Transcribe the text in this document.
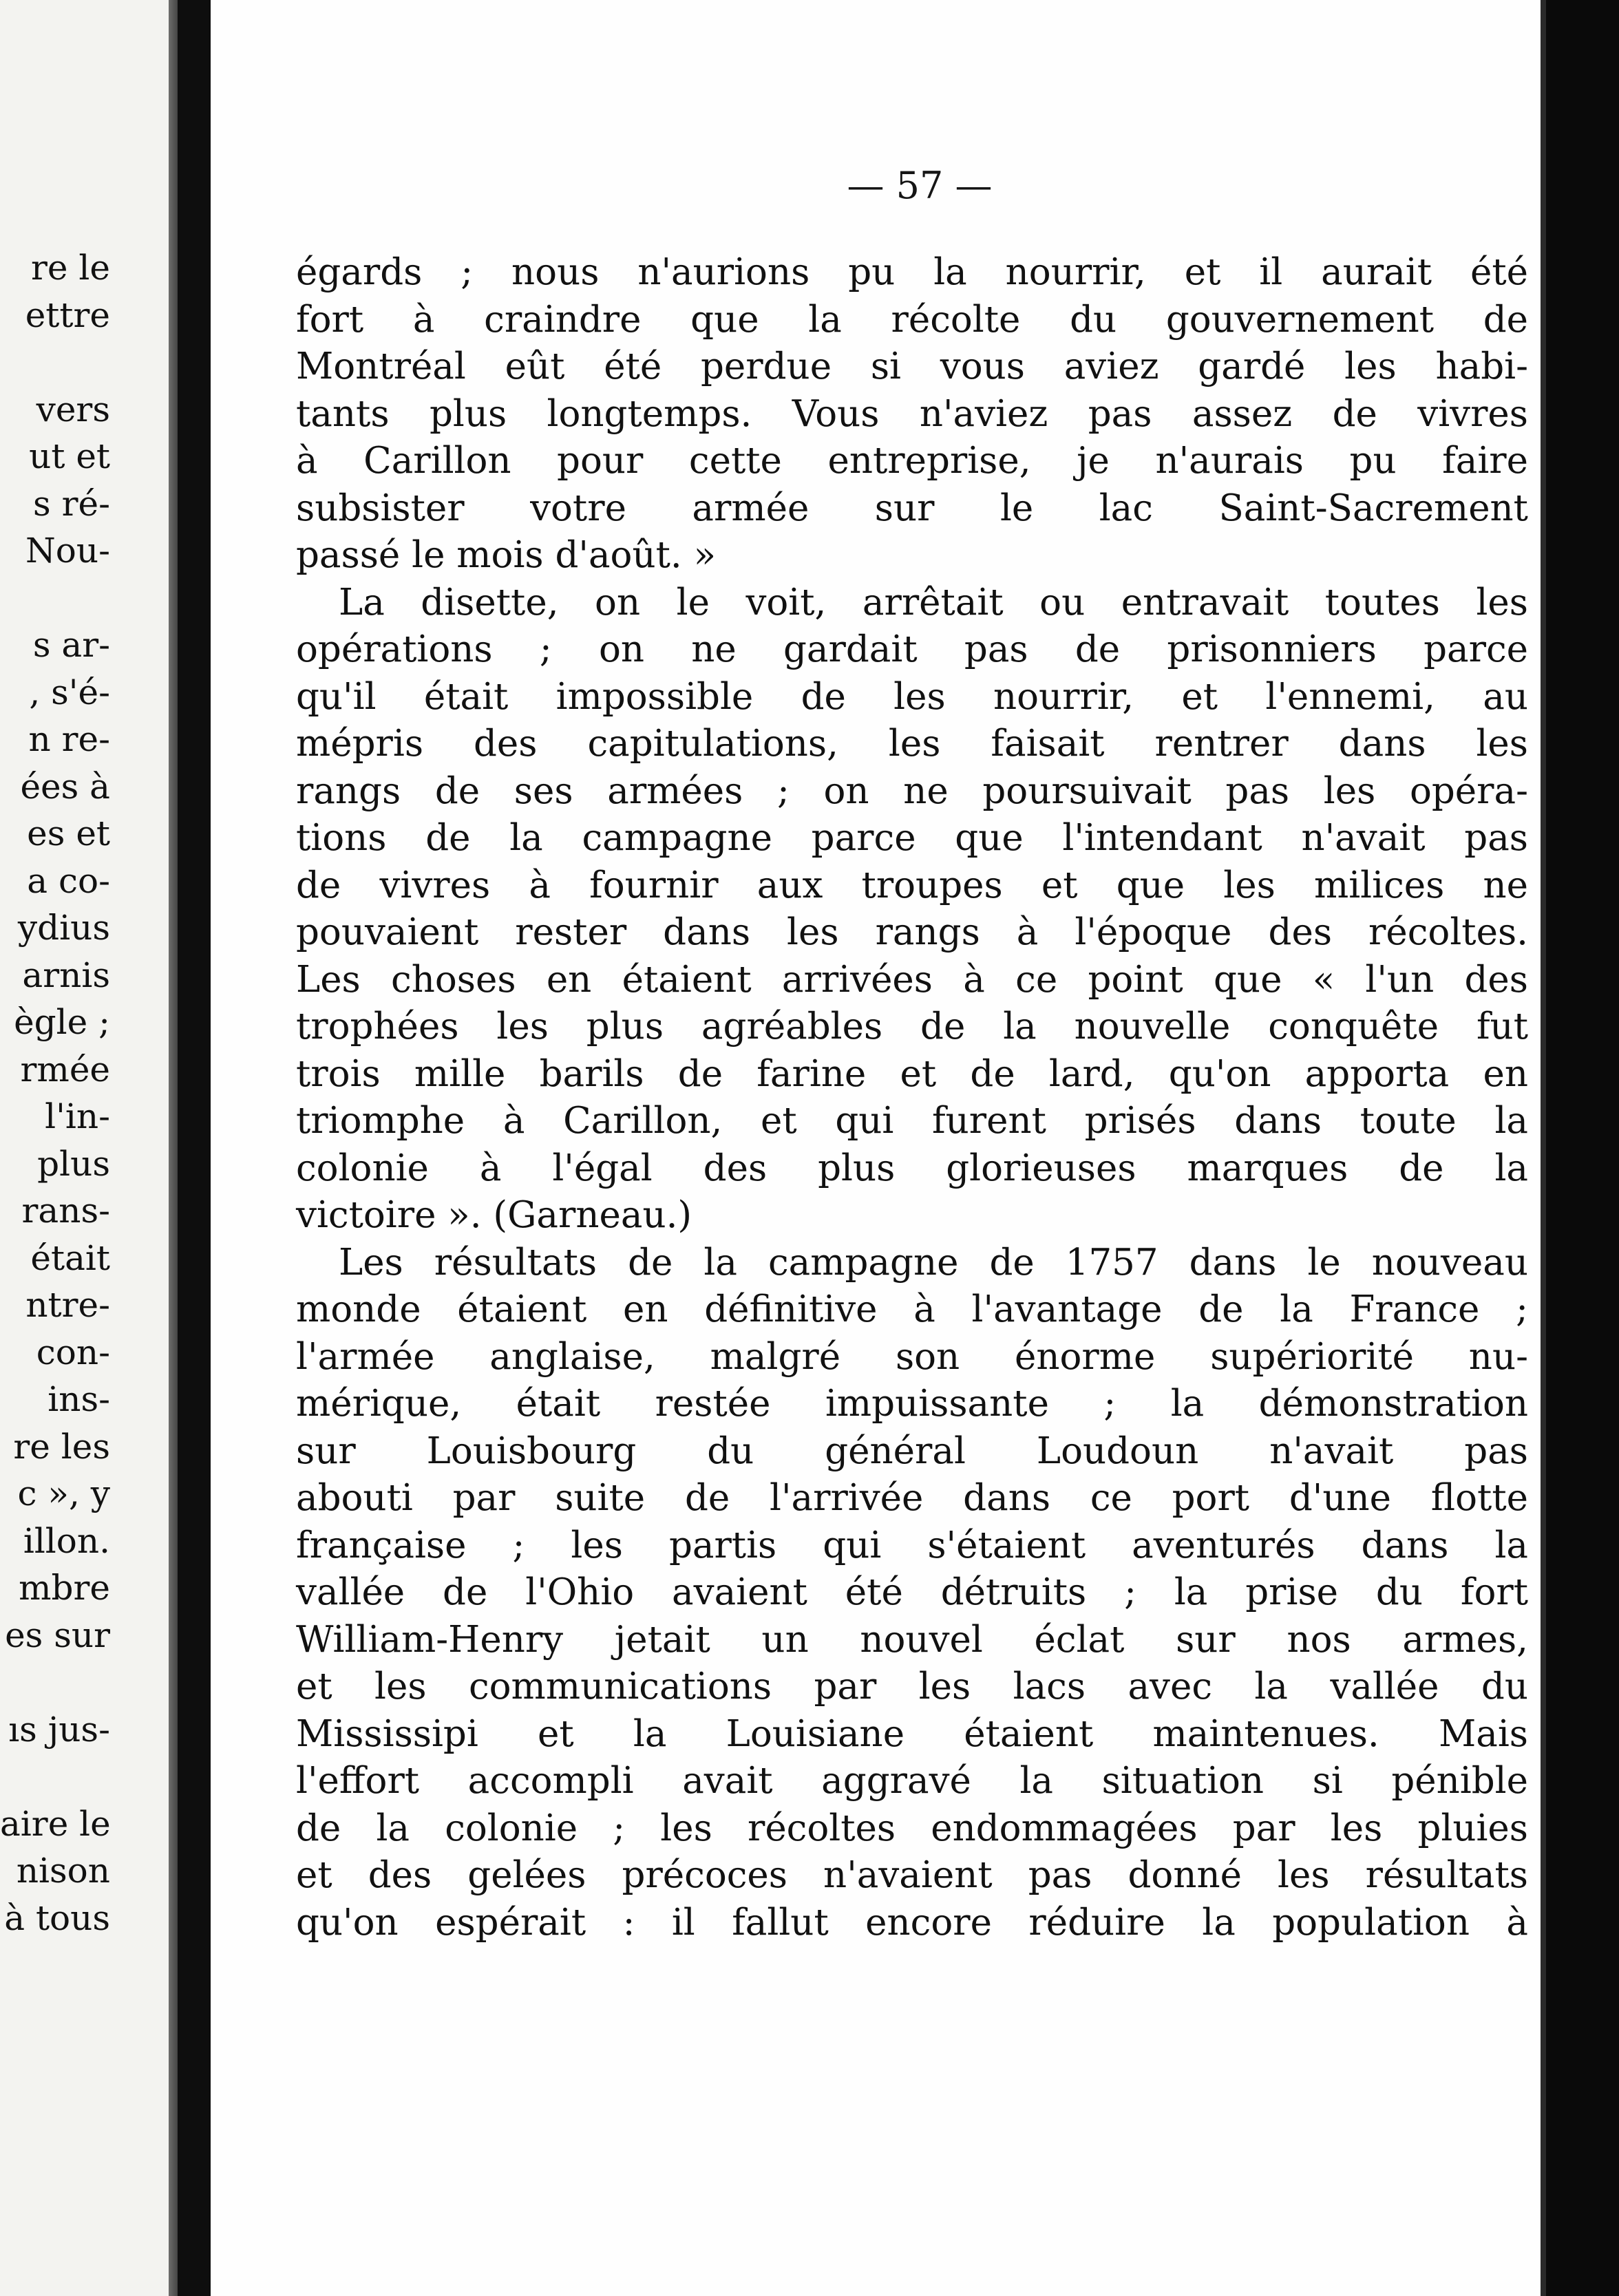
re le
ettre
vers
ut et
s ré-
Nou-
s ar-
, s'é-
n re-
ées à
es et
a co-
ydius
arnis
ègle ;
rmée
l'in-
plus
rans-
était
ntre-
con-
ins-
re les
c », y
illon.
mbre
es sur
ıs jus-
aire le
nison
à tous
— 57 —
égards ; nous n'aurions pu la nourrir, et il aurait été
fort à craindre que la récolte du gouvernement de
Montréal eût été perdue si vous aviez gardé les habi-
tants plus longtemps. Vous n'aviez pas assez de vivres
à Carillon pour cette entreprise, je n'aurais pu faire
subsister votre armée sur le lac Saint-Sacrement
passé le mois d'août. »
La disette, on le voit, arrêtait ou entravait toutes les
opérations ; on ne gardait pas de prisonniers parce
qu'il était impossible de les nourrir, et l'ennemi, au
mépris des capitulations, les faisait rentrer dans les
rangs de ses armées ; on ne poursuivait pas les opéra-
tions de la campagne parce que l'intendant n'avait pas
de vivres à fournir aux troupes et que les milices ne
pouvaient rester dans les rangs à l'époque des récoltes.
Les choses en étaient arrivées à ce point que « l'un des
trophées les plus agréables de la nouvelle conquête fut
trois mille barils de farine et de lard, qu'on apporta en
triomphe à Carillon, et qui furent prisés dans toute la
colonie à l'égal des plus glorieuses marques de la
victoire ». (Garneau.)
Les résultats de la campagne de 1757 dans le nouveau
monde étaient en définitive à l'avantage de la France ;
l'armée anglaise, malgré son énorme supériorité nu-
mérique, était restée impuissante ; la démonstration
sur Louisbourg du général Loudoun n'avait pas
abouti par suite de l'arrivée dans ce port d'une flotte
française ; les partis qui s'étaient aventurés dans la
vallée de l'Ohio avaient été détruits ; la prise du fort
William-Henry jetait un nouvel éclat sur nos armes,
et les communications par les lacs avec la vallée du
Mississipi et la Louisiane étaient maintenues. Mais
l'effort accompli avait aggravé la situation si pénible
de la colonie ; les récoltes endommagées par les pluies
et des gelées précoces n'avaient pas donné les résultats
qu'on espérait : il fallut encore réduire la population à
